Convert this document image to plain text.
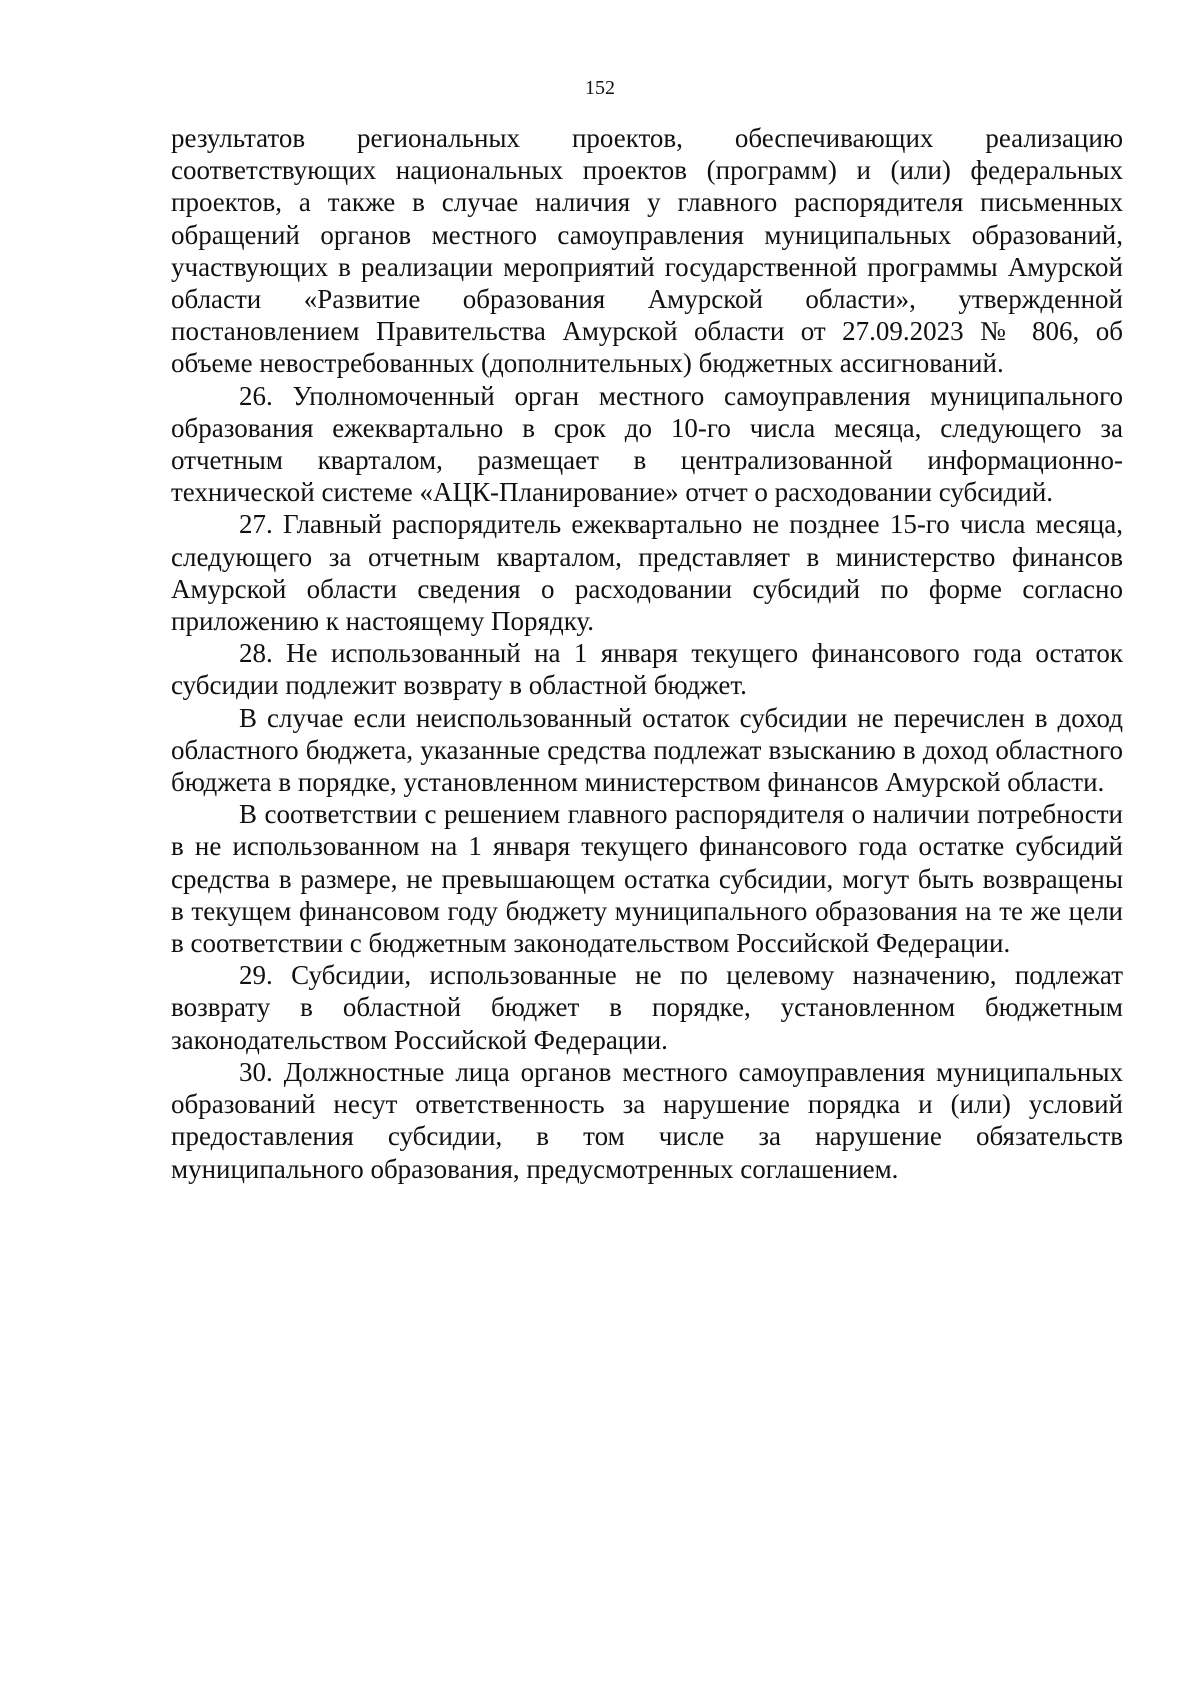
152

результатов региональных проектов, обеспечивающих реализацию соответствующих национальных проектов (программ) и (или) федеральных проектов, а также в случае наличия у главного распорядителя письменных обращений органов местного самоуправления муниципальных образований, участвующих в реализации мероприятий государственной программы Амурской области «Развитие образования Амурской области», утвержденной постановлением Правительства Амурской области от 27.09.2023 № 806, об объеме невостребованных (дополнительных) бюджетных ассигнований.

26. Уполномоченный орган местного самоуправления муниципального образования ежеквартально в срок до 10-го числа месяца, следующего за отчетным кварталом, размещает в централизованной информационно-технической системе «АЦК-Планирование» отчет о расходовании субсидий.

27. Главный распорядитель ежеквартально не позднее 15-го числа месяца, следующего за отчетным кварталом, представляет в министерство финансов Амурской области сведения о расходовании субсидий по форме согласно приложению к настоящему Порядку.

28. Не использованный на 1 января текущего финансового года остаток субсидии подлежит возврату в областной бюджет.

В случае если неиспользованный остаток субсидии не перечислен в доход областного бюджета, указанные средства подлежат взысканию в доход областного бюджета в порядке, установленном министерством финансов Амурской области.

В соответствии с решением главного распорядителя о наличии потребности в не использованном на 1 января текущего финансового года остатке субсидий средства в размере, не превышающем остатка субсидии, могут быть возвращены в текущем финансовом году бюджету муниципального образования на те же цели в соответствии с бюджетным законодательством Российской Федерации.

29. Субсидии, использованные не по целевому назначению, подлежат возврату в областной бюджет в порядке, установленном бюджетным законодательством Российской Федерации.

30. Должностные лица органов местного самоуправления муниципальных образований несут ответственность за нарушение порядка и (или) условий предоставления субсидии, в том числе за нарушение обязательств муниципального образования, предусмотренных соглашением.
